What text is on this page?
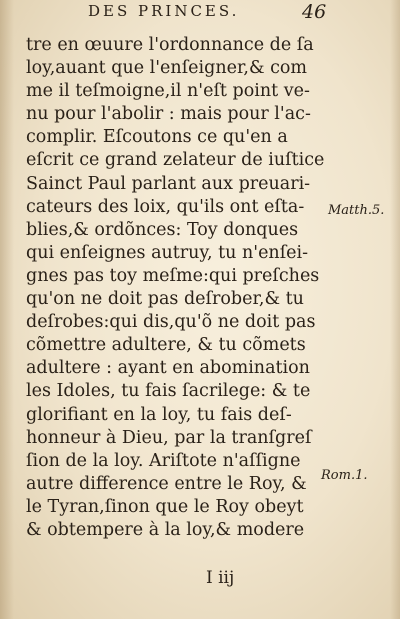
DES PRINCES.	46
tre en œuure l'ordonnance de ſa
loy,auant que l'enſeigner,& com
me il teſmoigne,il n'eſt point ve-
nu pour l'abolir : mais pour l'ac-
complir. Eſcoutons ce qu'en a
eſcrit ce grand zelateur de iuſtice
Sainct Paul parlant aux preuari-
cateurs des loix, qu'ils ont eſta-
blies,& ordõnces: Toy donques
qui enſeignes autruy, tu n'enſei-
gnes pas toy meſme:qui preſches
qu'on ne doit pas deſrober,& tu
deſrobes:qui dis,qu'õ ne doit pas
cõmettre adultere, & tu cõmets
adultere : ayant en abomination
les Idoles, tu fais ſacrilege: & te
glorifiant en la loy, tu fais deſ-
honneur à Dieu, par la tranſgreſ
ſion de la loy. Ariſtote n'aſſigne
autre difference entre le Roy, &
le Tyran,ſinon que le Roy obeyt
& obtempere à la loy,& modere
Matth.5.
Rom.1.
I iij
